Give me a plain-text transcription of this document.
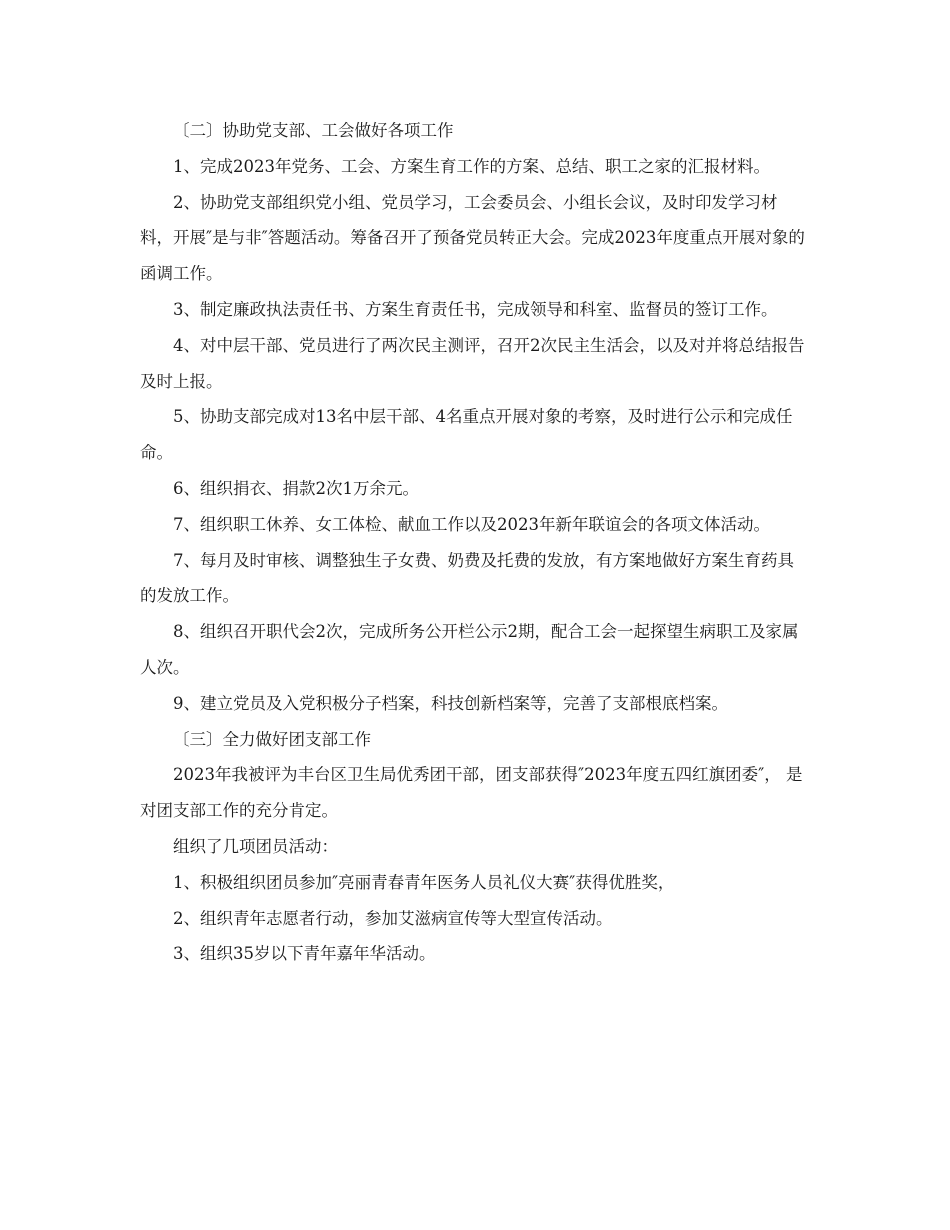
〔二〕协助党支部、工会做好各项工作

1、完成2023年党务、工会、方案生育工作的方案、总结、职工之家的汇报材料。

2、协助党支部组织党小组、党员学习，工会委员会、小组长会议，及时印发学习材料，开展″是与非″答题活动。筹备召开了预备党员转正大会。完成2023年度重点开展对象的函调工作。

3、制定廉政执法责任书、方案生育责任书，完成领导和科室、监督员的签订工作。

4、对中层干部、党员进行了两次民主测评，召开2次民主生活会，以及对并将总结报告及时上报。

5、协助支部完成对13名中层干部、4名重点开展对象的考察，及时进行公示和完成任命。

6、组织捐衣、捐款2次1万余元。

7、组织职工休养、女工体检、献血工作以及2023年新年联谊会的各项文体活动。

7、每月及时审核、调整独生子女费、奶费及托费的发放，有方案地做好方案生育药具的发放工作。

8、组织召开职代会2次，完成所务公开栏公示2期，配合工会一起探望生病职工及家属 人次。

9、建立党员及入党积极分子档案，科技创新档案等，完善了支部根底档案。

〔三〕全力做好团支部工作

2023年我被评为丰台区卫生局优秀团干部，团支部获得″2023年度五四红旗团委″， 是对团支部工作的充分肯定。

组织了几项团员活动：

1、积极组织团员参加″亮丽青春青年医务人员礼仪大赛″获得优胜奖，

2、组织青年志愿者行动，参加艾滋病宣传等大型宣传活动。

3、组织35岁以下青年嘉年华活动。
